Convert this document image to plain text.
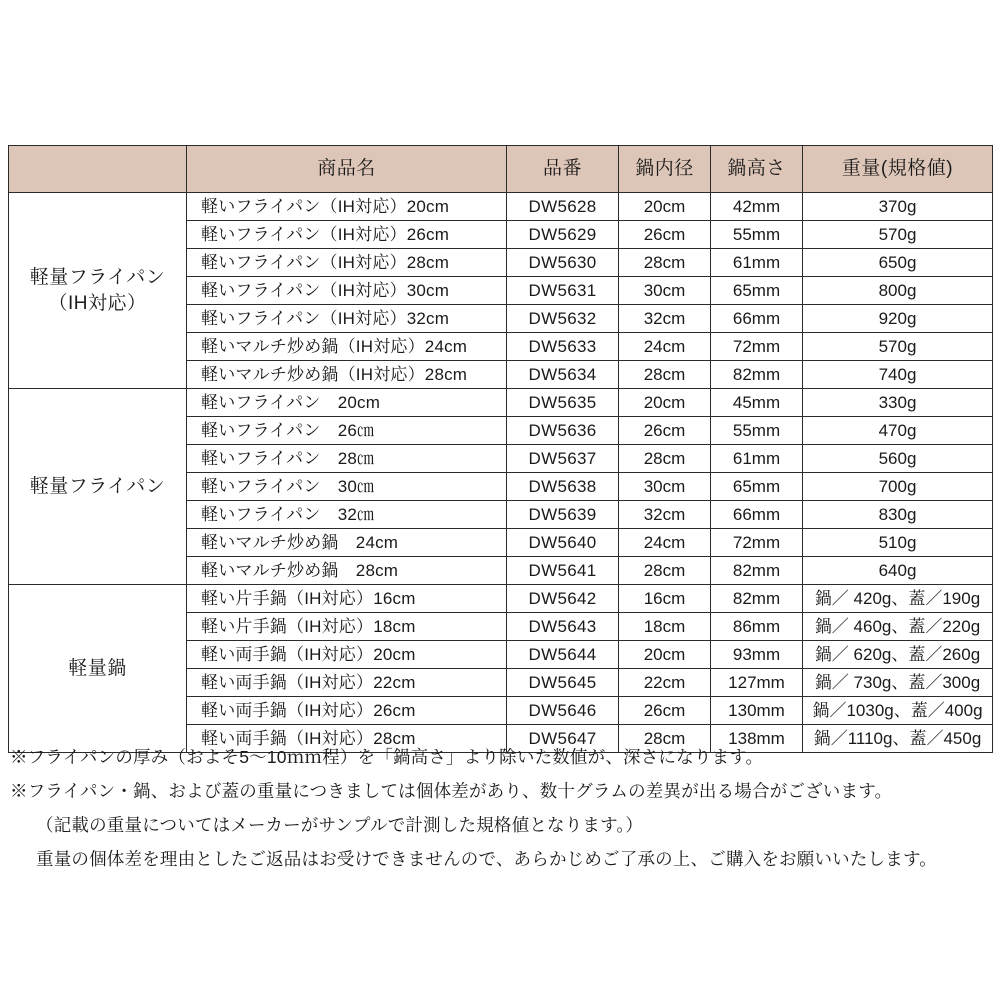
	商品名	品番	鍋内径	鍋高さ	重量(規格値)

軽量フライパン
（IH対応）	軽いフライパン（IH対応）20cm	DW5628	20cm	42mm	370g
	軽いフライパン（IH対応）26cm	DW5629	26cm	55mm	570g
	軽いフライパン（IH対応）28cm	DW5630	28cm	61mm	650g
	軽いフライパン（IH対応）30cm	DW5631	30cm	65mm	800g
	軽いフライパン（IH対応）32cm	DW5632	32cm	66mm	920g
	軽いマルチ炒め鍋（IH対応）24cm	DW5633	24cm	72mm	570g
	軽いマルチ炒め鍋（IH対応）28cm	DW5634	28cm	82mm	740g

軽量フライパン	軽いフライパン　20cm	DW5635	20cm	45mm	330g
	軽いフライパン　26㎝	DW5636	26cm	55mm	470g
	軽いフライパン　28㎝	DW5637	28cm	61mm	560g
	軽いフライパン　30㎝	DW5638	30cm	65mm	700g
	軽いフライパン　32㎝	DW5639	32cm	66mm	830g
	軽いマルチ炒め鍋　24cm	DW5640	24cm	72mm	510g
	軽いマルチ炒め鍋　28cm	DW5641	28cm	82mm	640g

軽量鍋	軽い片手鍋（IH対応）16cm	DW5642	16cm	82mm	鍋／ 420g、蓋／190g
	軽い片手鍋（IH対応）18cm	DW5643	18cm	86mm	鍋／ 460g、蓋／220g
	軽い両手鍋（IH対応）20cm	DW5644	20cm	93mm	鍋／ 620g、蓋／260g
	軽い両手鍋（IH対応）22cm	DW5645	22cm	127mm	鍋／ 730g、蓋／300g
	軽い両手鍋（IH対応）26cm	DW5646	26cm	130mm	鍋／1030g、蓋／400g
	軽い両手鍋（IH対応）28cm	DW5647	28cm	138mm	鍋／1110g、蓋／450g
※フライパンの厚み（およそ5～10ｍｍ程）を「鍋高さ」より除いた数値が、深さになります。
※フライパン・鍋、および蓋の重量につきましては個体差があり、数十グラムの差異が出る場合がございます。
（記載の重量についてはメーカーがサンプルで計測した規格値となります。）
重量の個体差を理由としたご返品はお受けできませんので、あらかじめご了承の上、ご購入をお願いいたします。
